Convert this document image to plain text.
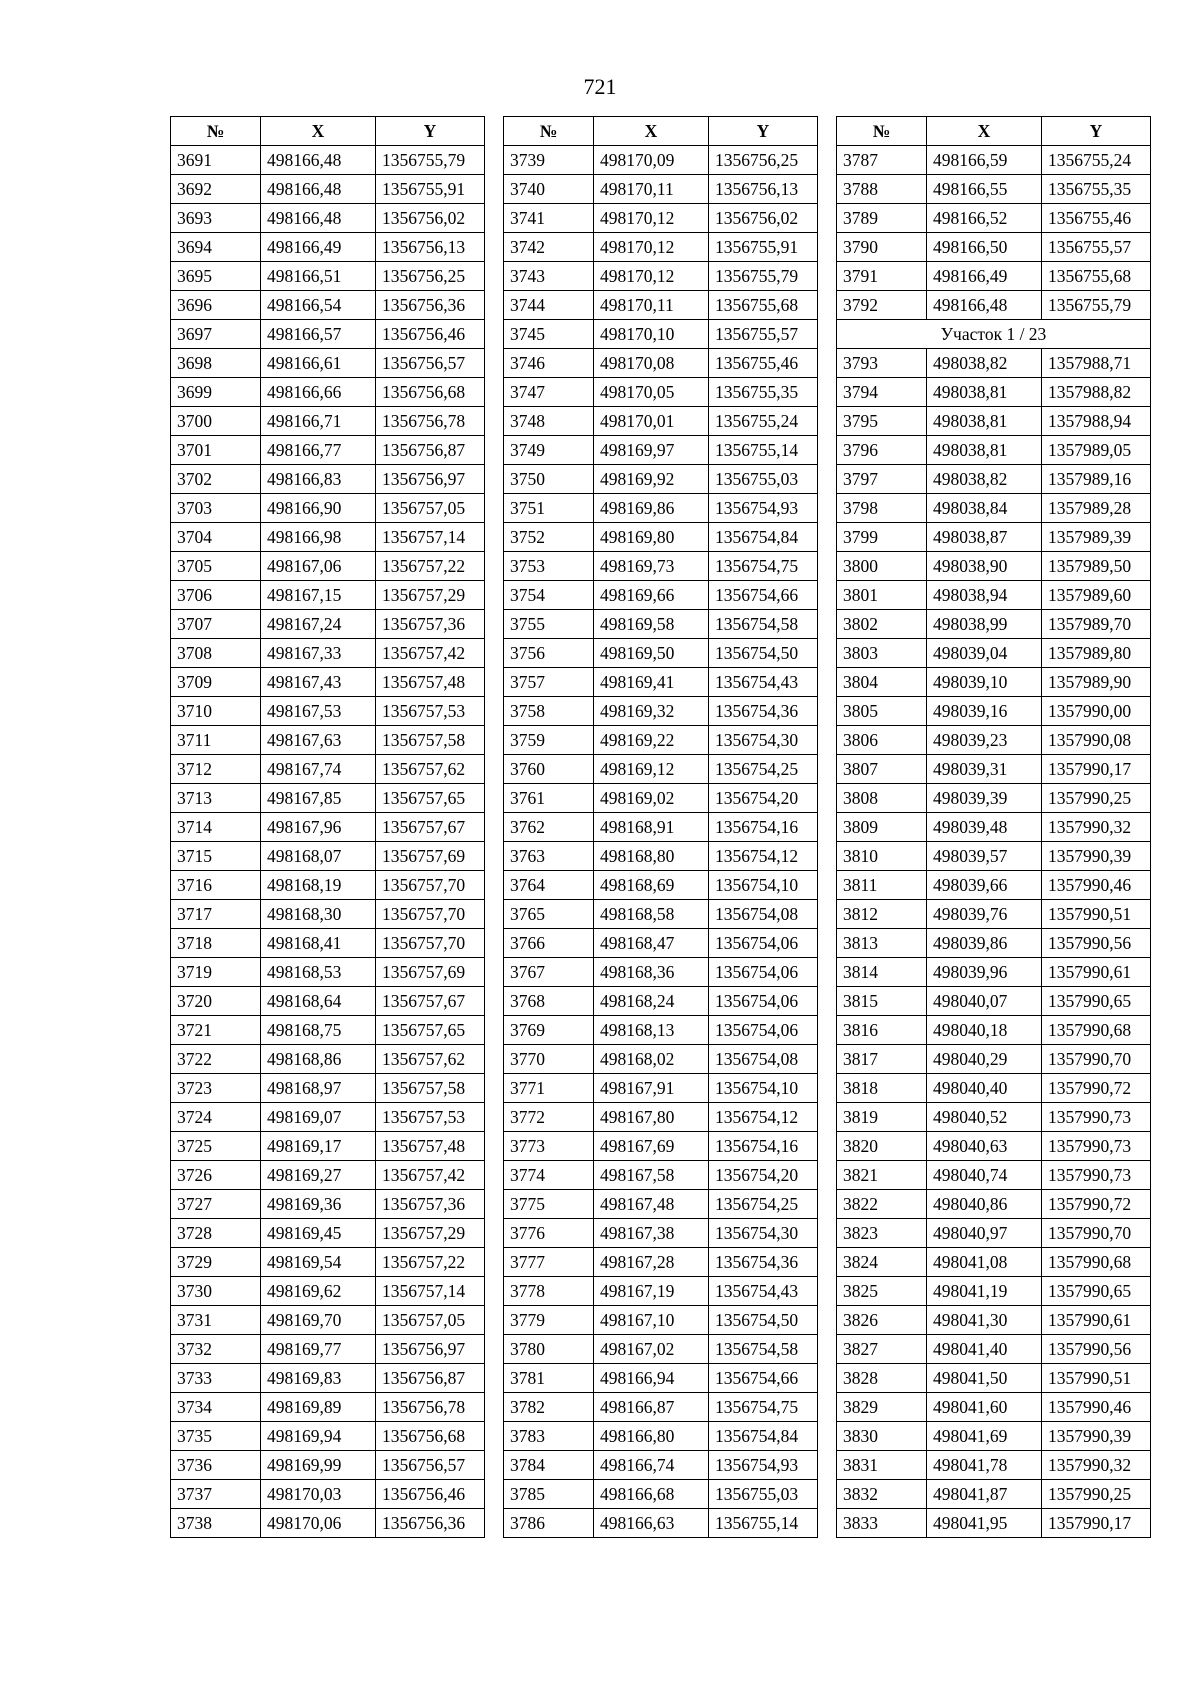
721
№	X	Y
3691	498166,48	1356755,79
3692	498166,48	1356755,91
3693	498166,48	1356756,02
3694	498166,49	1356756,13
3695	498166,51	1356756,25
3696	498166,54	1356756,36
3697	498166,57	1356756,46
3698	498166,61	1356756,57
3699	498166,66	1356756,68
3700	498166,71	1356756,78
3701	498166,77	1356756,87
3702	498166,83	1356756,97
3703	498166,90	1356757,05
3704	498166,98	1356757,14
3705	498167,06	1356757,22
3706	498167,15	1356757,29
3707	498167,24	1356757,36
3708	498167,33	1356757,42
3709	498167,43	1356757,48
3710	498167,53	1356757,53
3711	498167,63	1356757,58
3712	498167,74	1356757,62
3713	498167,85	1356757,65
3714	498167,96	1356757,67
3715	498168,07	1356757,69
3716	498168,19	1356757,70
3717	498168,30	1356757,70
3718	498168,41	1356757,70
3719	498168,53	1356757,69
3720	498168,64	1356757,67
3721	498168,75	1356757,65
3722	498168,86	1356757,62
3723	498168,97	1356757,58
3724	498169,07	1356757,53
3725	498169,17	1356757,48
3726	498169,27	1356757,42
3727	498169,36	1356757,36
3728	498169,45	1356757,29
3729	498169,54	1356757,22
3730	498169,62	1356757,14
3731	498169,70	1356757,05
3732	498169,77	1356756,97
3733	498169,83	1356756,87
3734	498169,89	1356756,78
3735	498169,94	1356756,68
3736	498169,99	1356756,57
3737	498170,03	1356756,46
3738	498170,06	1356756,36
№	X	Y
3739	498170,09	1356756,25
3740	498170,11	1356756,13
3741	498170,12	1356756,02
3742	498170,12	1356755,91
3743	498170,12	1356755,79
3744	498170,11	1356755,68
3745	498170,10	1356755,57
3746	498170,08	1356755,46
3747	498170,05	1356755,35
3748	498170,01	1356755,24
3749	498169,97	1356755,14
3750	498169,92	1356755,03
3751	498169,86	1356754,93
3752	498169,80	1356754,84
3753	498169,73	1356754,75
3754	498169,66	1356754,66
3755	498169,58	1356754,58
3756	498169,50	1356754,50
3757	498169,41	1356754,43
3758	498169,32	1356754,36
3759	498169,22	1356754,30
3760	498169,12	1356754,25
3761	498169,02	1356754,20
3762	498168,91	1356754,16
3763	498168,80	1356754,12
3764	498168,69	1356754,10
3765	498168,58	1356754,08
3766	498168,47	1356754,06
3767	498168,36	1356754,06
3768	498168,24	1356754,06
3769	498168,13	1356754,06
3770	498168,02	1356754,08
3771	498167,91	1356754,10
3772	498167,80	1356754,12
3773	498167,69	1356754,16
3774	498167,58	1356754,20
3775	498167,48	1356754,25
3776	498167,38	1356754,30
3777	498167,28	1356754,36
3778	498167,19	1356754,43
3779	498167,10	1356754,50
3780	498167,02	1356754,58
3781	498166,94	1356754,66
3782	498166,87	1356754,75
3783	498166,80	1356754,84
3784	498166,74	1356754,93
3785	498166,68	1356755,03
3786	498166,63	1356755,14
№	X	Y
3787	498166,59	1356755,24
3788	498166,55	1356755,35
3789	498166,52	1356755,46
3790	498166,50	1356755,57
3791	498166,49	1356755,68
3792	498166,48	1356755,79
Участок 1 / 23		
3793	498038,82	1357988,71
3794	498038,81	1357988,82
3795	498038,81	1357988,94
3796	498038,81	1357989,05
3797	498038,82	1357989,16
3798	498038,84	1357989,28
3799	498038,87	1357989,39
3800	498038,90	1357989,50
3801	498038,94	1357989,60
3802	498038,99	1357989,70
3803	498039,04	1357989,80
3804	498039,10	1357989,90
3805	498039,16	1357990,00
3806	498039,23	1357990,08
3807	498039,31	1357990,17
3808	498039,39	1357990,25
3809	498039,48	1357990,32
3810	498039,57	1357990,39
3811	498039,66	1357990,46
3812	498039,76	1357990,51
3813	498039,86	1357990,56
3814	498039,96	1357990,61
3815	498040,07	1357990,65
3816	498040,18	1357990,68
3817	498040,29	1357990,70
3818	498040,40	1357990,72
3819	498040,52	1357990,73
3820	498040,63	1357990,73
3821	498040,74	1357990,73
3822	498040,86	1357990,72
3823	498040,97	1357990,70
3824	498041,08	1357990,68
3825	498041,19	1357990,65
3826	498041,30	1357990,61
3827	498041,40	1357990,56
3828	498041,50	1357990,51
3829	498041,60	1357990,46
3830	498041,69	1357990,39
3831	498041,78	1357990,32
3832	498041,87	1357990,25
3833	498041,95	1357990,17
